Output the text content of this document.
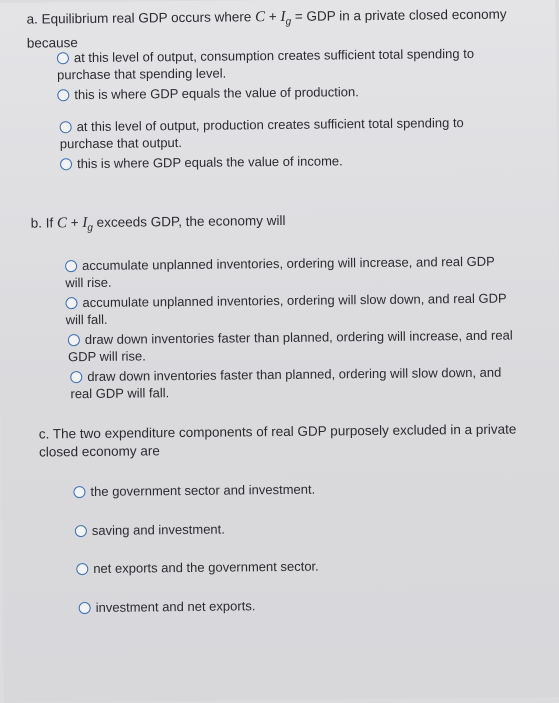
a. Equilibrium real GDP occurs where $C + I_g$ = GDP in a private closed economy because

at this level of output, consumption creates sufficient total spending to purchase that spending level.
this is where GDP equals the value of production.
at this level of output, production creates sufficient total spending to purchase that output.
this is where GDP equals the value of income.

b. If $C + I_g$ exceeds GDP, the economy will

accumulate unplanned inventories, ordering will increase, and real GDP will rise.
accumulate unplanned inventories, ordering will slow down, and real GDP will fall.
draw down inventories faster than planned, ordering will increase, and real GDP will rise.
draw down inventories faster than planned, ordering will slow down, and real GDP will fall.

c. The two expenditure components of real GDP purposely excluded in a private closed economy are

the government sector and investment.
saving and investment.
net exports and the government sector.
investment and net exports.
